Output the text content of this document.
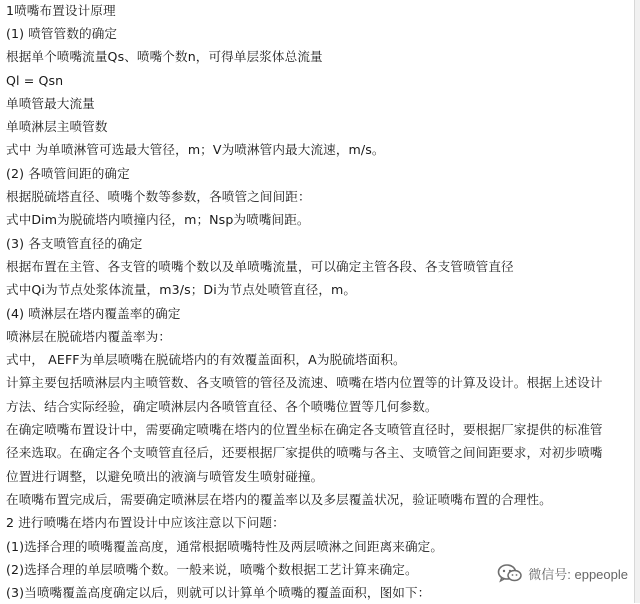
1喷嘴布置设计原理
(1) 喷管管数的确定
根据单个喷嘴流量Qs、喷嘴个数n，可得单层浆体总流量
Ql = Qsn
单喷管最大流量
单喷淋层主喷管数
式中 为单喷淋管可选最大管径，m；V为喷淋管内最大流速，m/s。
(2) 各喷管间距的确定
根据脱硫塔直径、喷嘴个数等参数，各喷管之间间距：
式中Dim为脱硫塔内喷撞内径，m；Nsp为喷嘴间距。
(3) 各支喷管直径的确定
根据布置在主管、各支管的喷嘴个数以及单喷嘴流量，可以确定主管各段、各支管喷管直径
式中Qi为节点处浆体流量，m3/s；Di为节点处喷管直径，m。
(4) 喷淋层在塔内覆盖率的确定
喷淋层在脱硫塔内覆盖率为：
式中， AEFF为单层喷嘴在脱硫塔内的有效覆盖面积，A为脱硫塔面积。
计算主要包括喷淋层内主喷管数、各支喷管的管径及流速、喷嘴在塔内位置等的计算及设计。根据上述设计
方法、结合实际经验，确定喷淋层内各喷管直径、各个喷嘴位置等几何参数。
在确定喷嘴布置设计中，需要确定喷嘴在塔内的位置坐标在确定各支喷管直径时，要根据厂家提供的标准管
径来选取。在确定各个支喷管直径后，还要根据厂家提供的喷嘴与各主、支喷管之间间距要求，对初步喷嘴
位置进行调整，以避免喷出的液滴与喷管发生喷射碰撞。
在喷嘴布置完成后，需要确定喷淋层在塔内的覆盖率以及多层覆盖状况，验证喷嘴布置的合理性。
2 进行喷嘴在塔内布置设计中应该注意以下问题：
(1)选择合理的喷嘴覆盖高度，通常根据喷嘴特性及两层喷淋之间距离来确定。
(2)选择合理的单层喷嘴个数。一般来说，喷嘴个数根据工艺计算来确定。
(3)当喷嘴覆盖高度确定以后，则就可以计算单个喷嘴的覆盖面积，图如下：
微信号: eppeople
